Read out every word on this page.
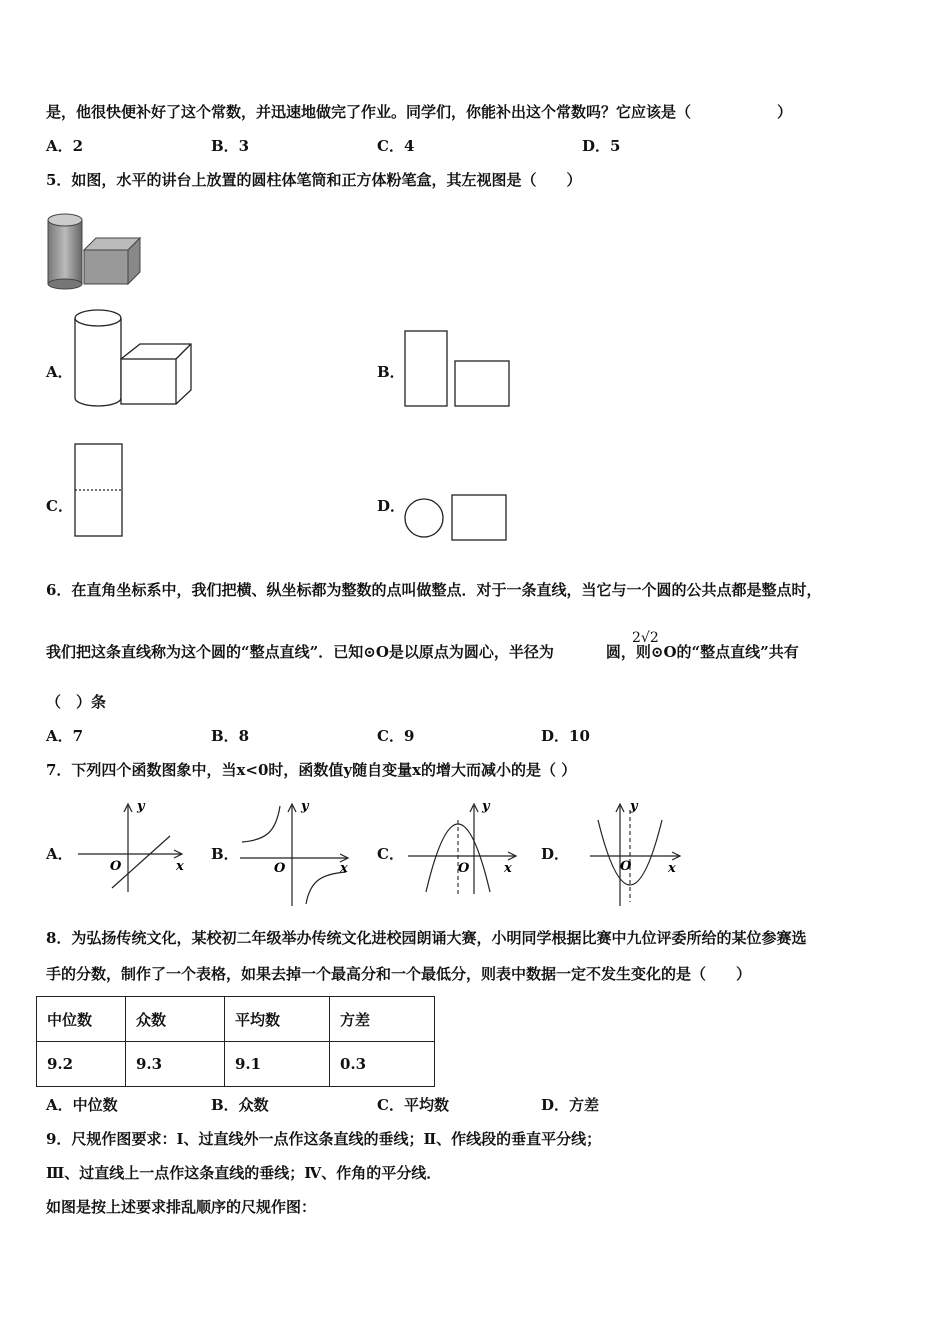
是，他很快便补好了这个常数，并迅速地做完了作业。同学们，你能补出这个常数吗？它应该是（	）
A．2	B．3	C．4	D．5
5．如图，水平的讲台上放置的圆柱体笔筒和正方体粉笔盒，其左视图是（　　）
A．	B．
C．	D．
6．在直角坐标系中，我们把横、纵坐标都为整数的点叫做整点．对于一条直线，当它与一个圆的公共点都是整点时，
我们把这条直线称为这个圆的“整点直线”．已知⊙O是以原点为圆心，半径为	圆，则⊙O的“整点直线”共有
2√2
（　）条
A．7	B．8	C．9	D．10
7．下列四个函数图象中，当x<0时，函数值y随自变量x的增大而减小的是（ ）
A．
y
x
O
B．
y
x
O
C．
y
x
O
D．
y
x
O
8．为弘扬传统文化，某校初二年级举办传统文化进校园朗诵大赛，小明同学根据比赛中九位评委所给的某位参赛选
手的分数，制作了一个表格，如果去掉一个最高分和一个最低分，则表中数据一定不发生变化的是（　　）
中位数	众数	平均数	方差
9.2	9.3	9.1	0.3
A．中位数	B．众数	C．平均数	D．方差
9．尺规作图要求：Ⅰ、过直线外一点作这条直线的垂线；Ⅱ、作线段的垂直平分线；
Ⅲ、过直线上一点作这条直线的垂线；Ⅳ、作角的平分线．
如图是按上述要求排乱顺序的尺规作图：
